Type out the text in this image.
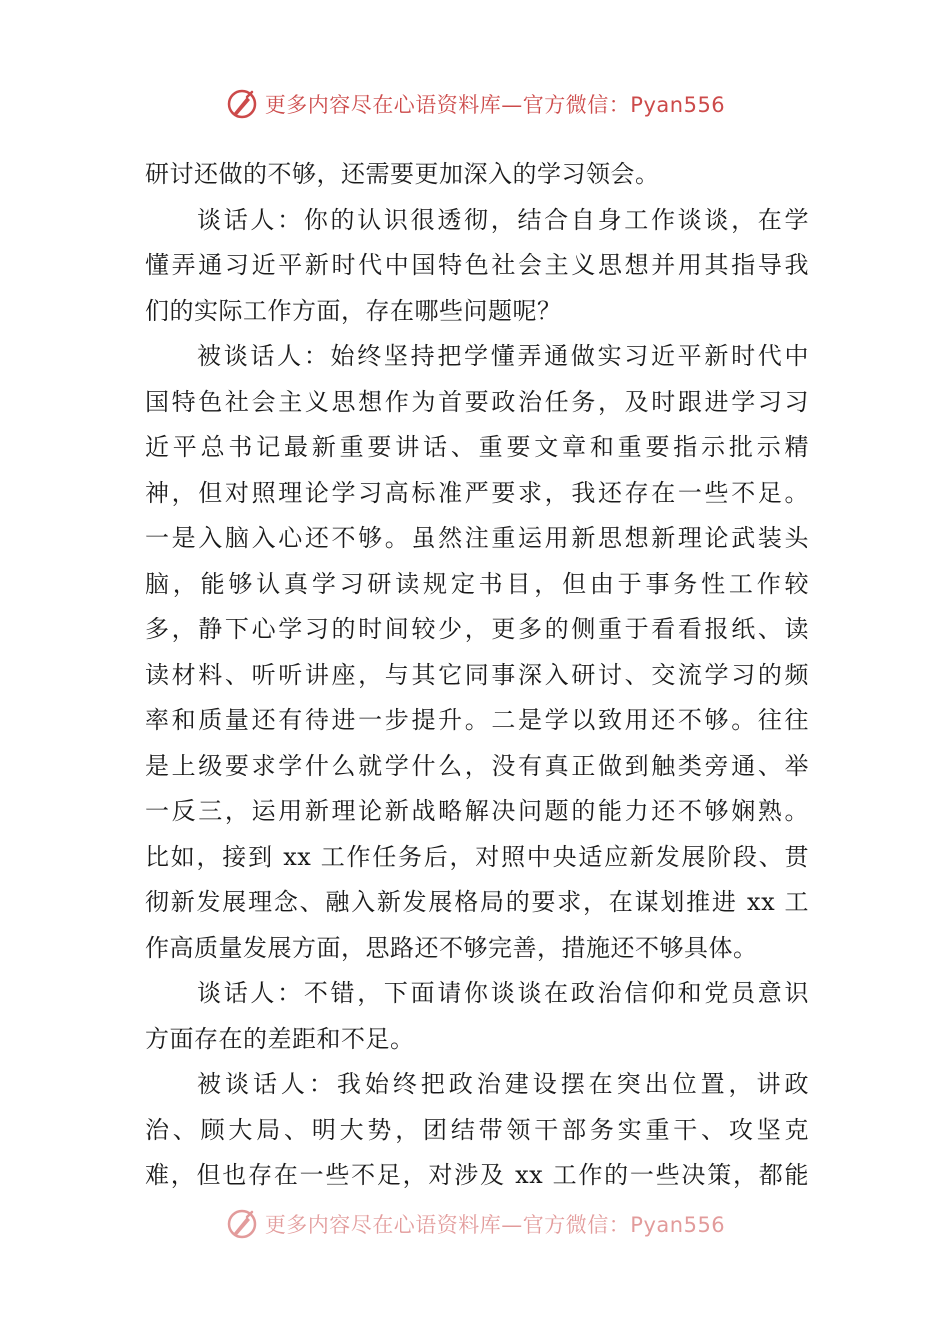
更多内容尽在心语资料库—官方微信：Pyan556
研讨还做的不够，还需要更加深入的学习领会。
谈话人：你的认识很透彻，结合自身工作谈谈，在学
懂弄通习近平新时代中国特色社会主义思想并用其指导我
们的实际工作方面，存在哪些问题呢？
被谈话人：始终坚持把学懂弄通做实习近平新时代中
国特色社会主义思想作为首要政治任务，及时跟进学习习
近平总书记最新重要讲话、重要文章和重要指示批示精
神，但对照理论学习高标准严要求，我还存在一些不足。
一是入脑入心还不够。虽然注重运用新思想新理论武装头
脑，能够认真学习研读规定书目，但由于事务性工作较
多，静下心学习的时间较少，更多的侧重于看看报纸、读
读材料、听听讲座，与其它同事深入研讨、交流学习的频
率和质量还有待进一步提升。二是学以致用还不够。往往
是上级要求学什么就学什么，没有真正做到触类旁通、举
一反三，运用新理论新战略解决问题的能力还不够娴熟。
比如，接到 xx 工作任务后，对照中央适应新发展阶段、贯
彻新发展理念、融入新发展格局的要求，在谋划推进 xx 工
作高质量发展方面，思路还不够完善，措施还不够具体。
谈话人：不错，下面请你谈谈在政治信仰和党员意识
方面存在的差距和不足。
被谈话人：我始终把政治建设摆在突出位置，讲政
治、顾大局、明大势，团结带领干部务实重干、攻坚克
难，但也存在一些不足，对涉及 xx 工作的一些决策，都能
更多内容尽在心语资料库—官方微信：Pyan556
